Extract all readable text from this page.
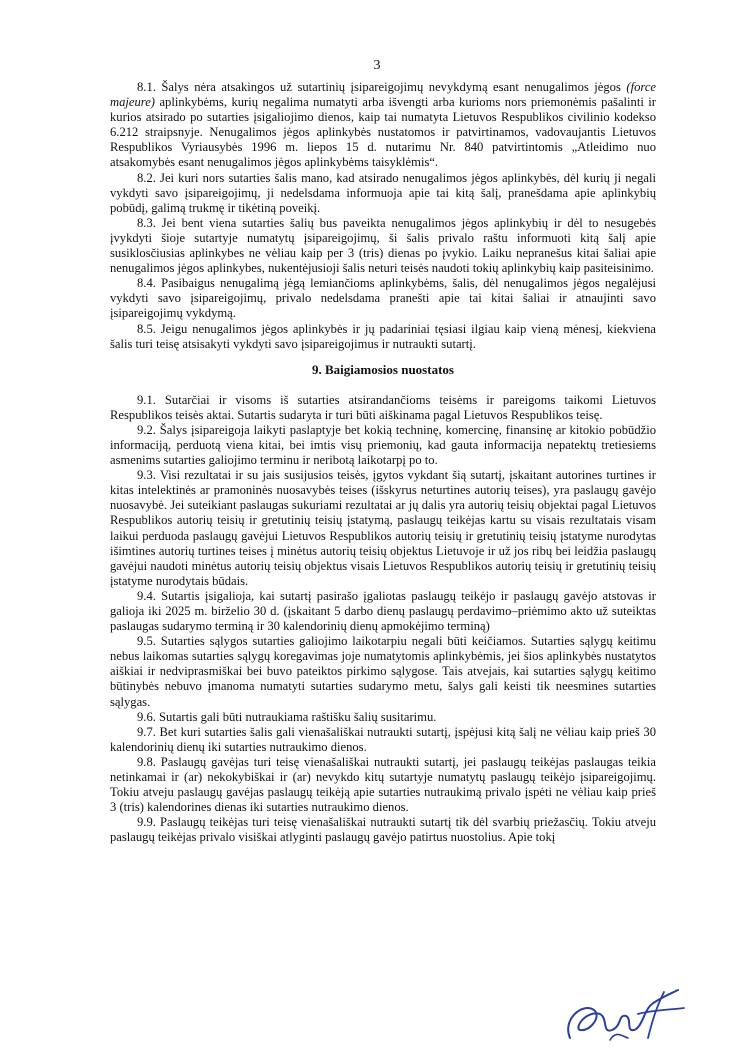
3

8.1. Šalys nėra atsakingos už sutartinių įsipareigojimų nevykdymą esant nenugalimos jėgos (force majeure) aplinkybėms, kurių negalima numatyti arba išvengti arba kurioms nors priemonėmis pašalinti ir kurios atsirado po sutarties įsigaliojimo dienos, kaip tai numatyta Lietuvos Respublikos civilinio kodekso 6.212 straipsnyje. Nenugalimos jėgos aplinkybės nustatomos ir patvirtinamos, vadovaujantis Lietuvos Respublikos Vyriausybės 1996 m. liepos 15 d. nutarimu Nr. 840 patvirtintomis „Atleidimo nuo atsakomybės esant nenugalimos jėgos aplinkybėms taisyklėmis“.

8.2. Jei kuri nors sutarties šalis mano, kad atsirado nenugalimos jėgos aplinkybės, dėl kurių ji negali vykdyti savo įsipareigojimų, ji nedelsdama informuoja apie tai kitą šalį, pranešdama apie aplinkybių pobūdį, galimą trukmę ir tikėtiną poveikį.

8.3. Jei bent viena sutarties šalių bus paveikta nenugalimos jėgos aplinkybių ir dėl to nesugebės įvykdyti šioje sutartyje numatytų įsipareigojimų, ši šalis privalo raštu informuoti kitą šalį apie susiklosčiusias aplinkybes ne vėliau kaip per 3 (tris) dienas po įvykio. Laiku nepranešus kitai šaliai apie nenugalimos jėgos aplinkybes, nukentėjusioji šalis neturi teisės naudoti tokių aplinkybių kaip pasiteisinimo.

8.4. Pasibaigus nenugalimą jėgą lemiančioms aplinkybėms, šalis, dėl nenugalimos jėgos negalėjusi vykdyti savo įsipareigojimų, privalo nedelsdama pranešti apie tai kitai šaliai ir atnaujinti savo įsipareigojimų vykdymą.

8.5. Jeigu nenugalimos jėgos aplinkybės ir jų padariniai tęsiasi ilgiau kaip vieną mėnesį, kiekviena šalis turi teisę atsisakyti vykdyti savo įsipareigojimus ir nutraukti sutartį.

9. Baigiamosios nuostatos

9.1. Sutarčiai ir visoms iš sutarties atsirandančioms teisėms ir pareigoms taikomi Lietuvos Respublikos teisės aktai. Sutartis sudaryta ir turi būti aiškinama pagal Lietuvos Respublikos teisę.

9.2. Šalys įsipareigoja laikyti paslaptyje bet kokią techninę, komercinę, finansinę ar kitokio pobūdžio informaciją, perduotą viena kitai, bei imtis visų priemonių, kad gauta informacija nepatektų tretiesiems asmenims sutarties galiojimo terminu ir neribotą laikotarpį po to.

9.3. Visi rezultatai ir su jais susijusios teisės, įgytos vykdant šią sutartį, įskaitant autorines turtines ir kitas intelektinės ar pramoninės nuosavybės teises (išskyrus neturtines autorių teises), yra paslaugų gavėjo nuosavybė. Jei suteikiant paslaugas sukuriami rezultatai ar jų dalis yra autorių teisių objektai pagal Lietuvos Respublikos autorių teisių ir gretutinių teisių įstatymą, paslaugų teikėjas kartu su visais rezultatais visam laikui perduoda paslaugų gavėjui Lietuvos Respublikos autorių teisių ir gretutinių teisių įstatyme nurodytas išimtines autorių turtines teises į minėtus autorių teisių objektus Lietuvoje ir už jos ribų bei leidžia paslaugų gavėjui naudoti minėtus autorių teisių objektus visais Lietuvos Respublikos autorių teisių ir gretutinių teisių įstatyme nurodytais būdais.

9.4. Sutartis įsigalioja, kai sutartį pasirašo įgaliotas paslaugų teikėjo ir paslaugų gavėjo atstovas ir galioja iki 2025 m. birželio 30 d. (įskaitant 5 darbo dienų paslaugų perdavimo–priėmimo akto už suteiktas paslaugas sudarymo terminą ir 30 kalendorinių dienų apmokėjimo terminą)

9.5. Sutarties sąlygos sutarties galiojimo laikotarpiu negali būti keičiamos. Sutarties sąlygų keitimu nebus laikomas sutarties sąlygų koregavimas joje numatytomis aplinkybėmis, jei šios aplinkybės nustatytos aiškiai ir nedviprasmiškai bei buvo pateiktos pirkimo sąlygose. Tais atvejais, kai sutarties sąlygų keitimo būtinybės nebuvo įmanoma numatyti sutarties sudarymo metu, šalys gali keisti tik neesmines sutarties sąlygas.

9.6. Sutartis gali būti nutraukiama raštišku šalių susitarimu.

9.7. Bet kuri sutarties šalis gali vienašališkai nutraukti sutartį, įspėjusi kitą šalį ne vėliau kaip prieš 30 kalendorinių dienų iki sutarties nutraukimo dienos.

9.8. Paslaugų gavėjas turi teisę vienašališkai nutraukti sutartį, jei paslaugų teikėjas paslaugas teikia netinkamai ir (ar) nekokybiškai ir (ar) nevykdo kitų sutartyje numatytų paslaugų teikėjo įsipareigojimų. Tokiu atveju paslaugų gavėjas paslaugų teikėją apie sutarties nutraukimą privalo įspėti ne vėliau kaip prieš 3 (tris) kalendorines dienas iki sutarties nutraukimo dienos.

9.9. Paslaugų teikėjas turi teisę vienašališkai nutraukti sutartį tik dėl svarbių priežasčių. Tokiu atveju paslaugų teikėjas privalo visiškai atlyginti paslaugų gavėjo patirtus nuostolius. Apie tokį
